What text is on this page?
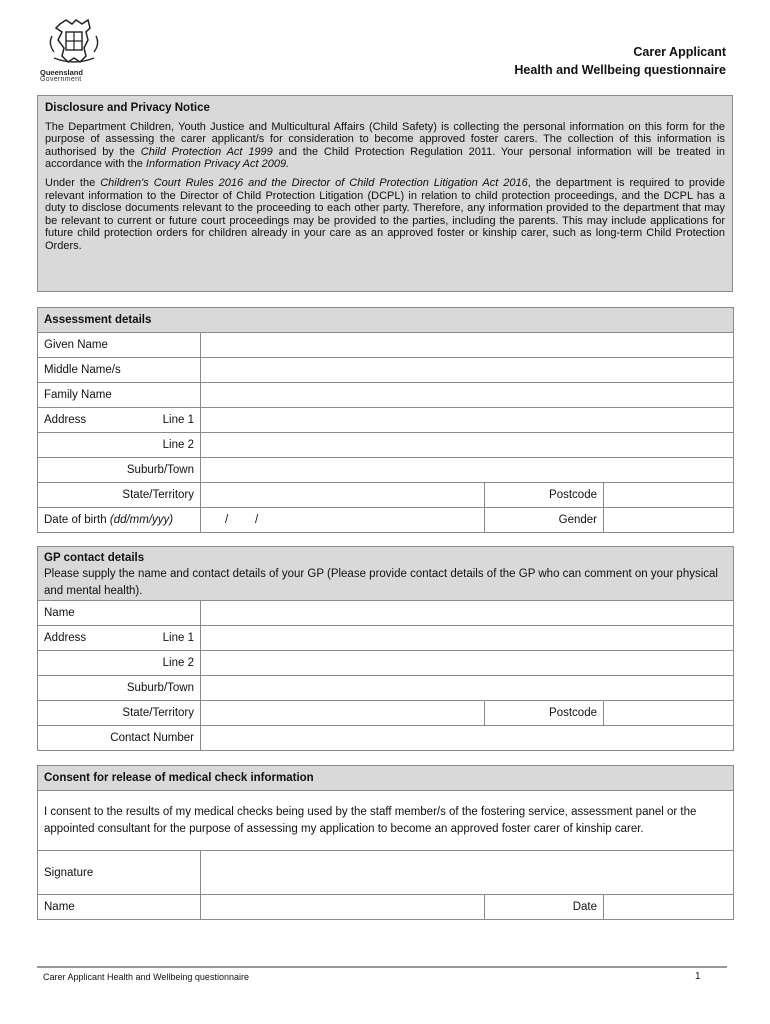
Queensland
Government
Carer Applicant
Health and Wellbeing questionnaire
Disclosure and Privacy Notice

The Department Children, Youth Justice and Multicultural Affairs (Child Safety) is collecting the personal information on this form for the purpose of assessing the carer applicant/s for consideration to become approved foster carers. The collection of this information is authorised by the Child Protection Act 1999 and the Child Protection Regulation 2011. Your personal information will be treated in accordance with the Information Privacy Act 2009.

Under the Children's Court Rules 2016 and the Director of Child Protection Litigation Act 2016, the department is required to provide relevant information to the Director of Child Protection Litigation (DCPL) in relation to child protection proceedings, and the DCPL has a duty to disclose documents relevant to the proceeding to each other party. Therefore, any information provided to the department that may be relevant to current or future court proceedings may be provided to the parties, including the parents. This may include applications for future child protection orders for children already in your care as an approved foster or kinship carer, such as long-term Child Protection Orders.

Assessment details			
Given Name			
Middle Name/s			
Family Name			
Address Line 1			

Line 2			
Suburb/Town			
State/Territory		Postcode	
Date of birth (dd/mm/yyy)	/ /	Gender	
GP contact details
Please supply the name and contact details of your GP (Please provide contact details of the GP who can comment on your physical and mental health).			

Name			
Address Line 1			

Line 2			
Suburb/Town			
State/Territory		Postcode	
Contact Number			
Consent for release of medical check information			
I consent to the results of my medical checks being used by the staff member/s of the fostering service, assessment panel or the appointed consultant for the purpose of assessing my application to become an approved foster carer of kinship carer.			
Signature			
Name		Date	
Carer Applicant Health and Wellbeing questionnaire	1
